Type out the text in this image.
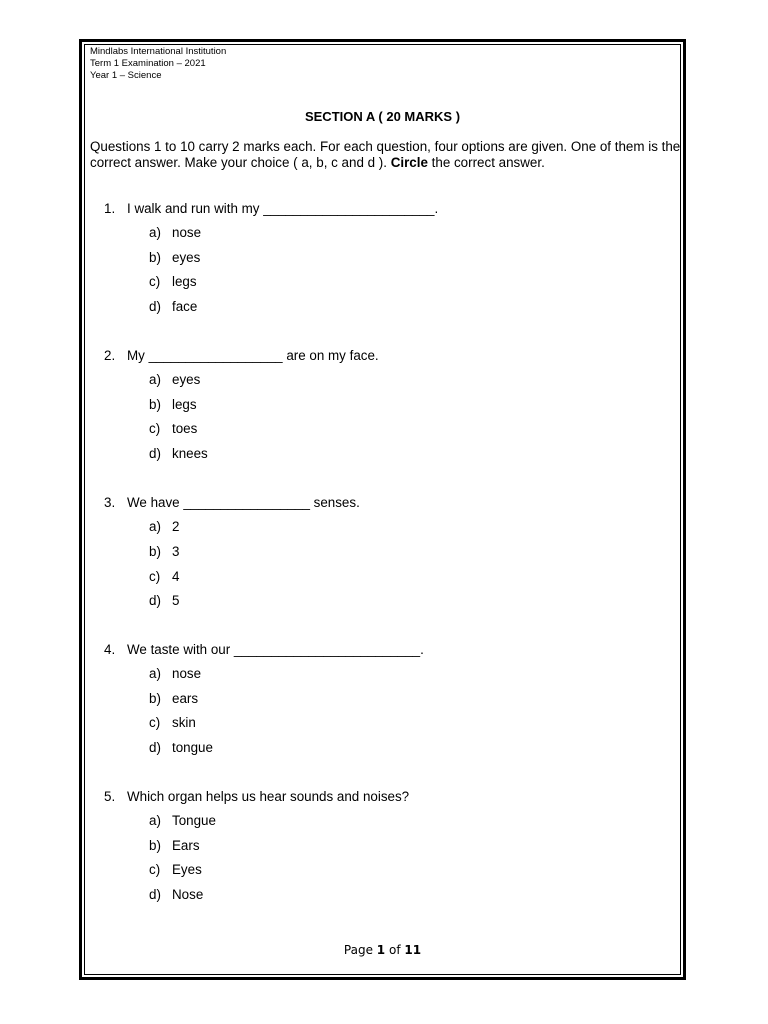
Mindlabs International Institution
Term 1 Examination – 2021
Year 1 – Science
SECTION A ( 20 MARKS )
Questions 1 to 10 carry 2 marks each. For each question, four options are given. One of them is the correct answer. Make your choice ( a, b, c and d ). Circle the correct answer.
1. I walk and run with my _______________________.
a) nose
b) eyes
c) legs
d) face
2. My __________________ are on my face.
a) eyes
b) legs
c) toes
d) knees
3. We have _________________ senses.
a) 2
b) 3
c) 4
d) 5
4. We taste with our _________________________.
a) nose
b) ears
c) skin
d) tongue
5. Which organ helps us hear sounds and noises?
a) Tongue
b) Ears
c) Eyes
d) Nose
Page 1 of 11
